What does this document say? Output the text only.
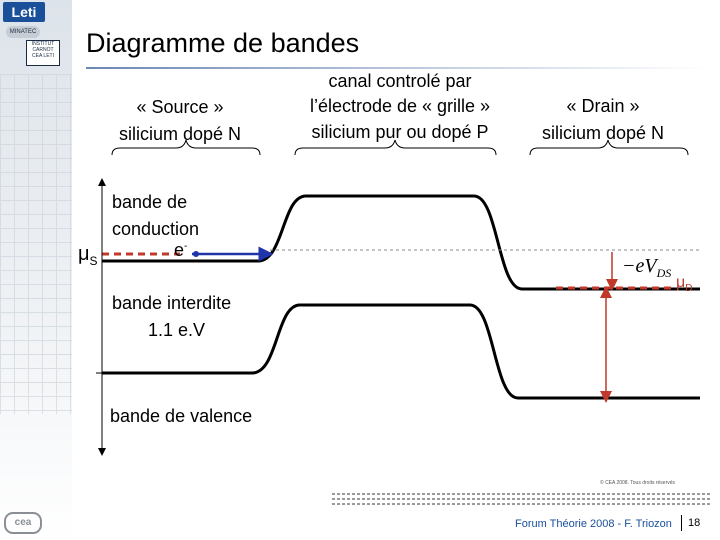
Leti
MINATEC
INSTITUT CARNOT CEA LETI
cea
Diagramme de bandes
« Source »
silicium dopé N
canal controlé par
l’électrode de « grille »
silicium pur ou dopé P
« Drain »
silicium dopé N
bande de
conduction
e-
$\mu_S$
$\mu_D$
$-eV_{DS}$
bande interdite
1.1 e.V
bande de valence
© CEA 2008. Tous droits réservés
Forum Théorie 2008 - F. Triozon 18
